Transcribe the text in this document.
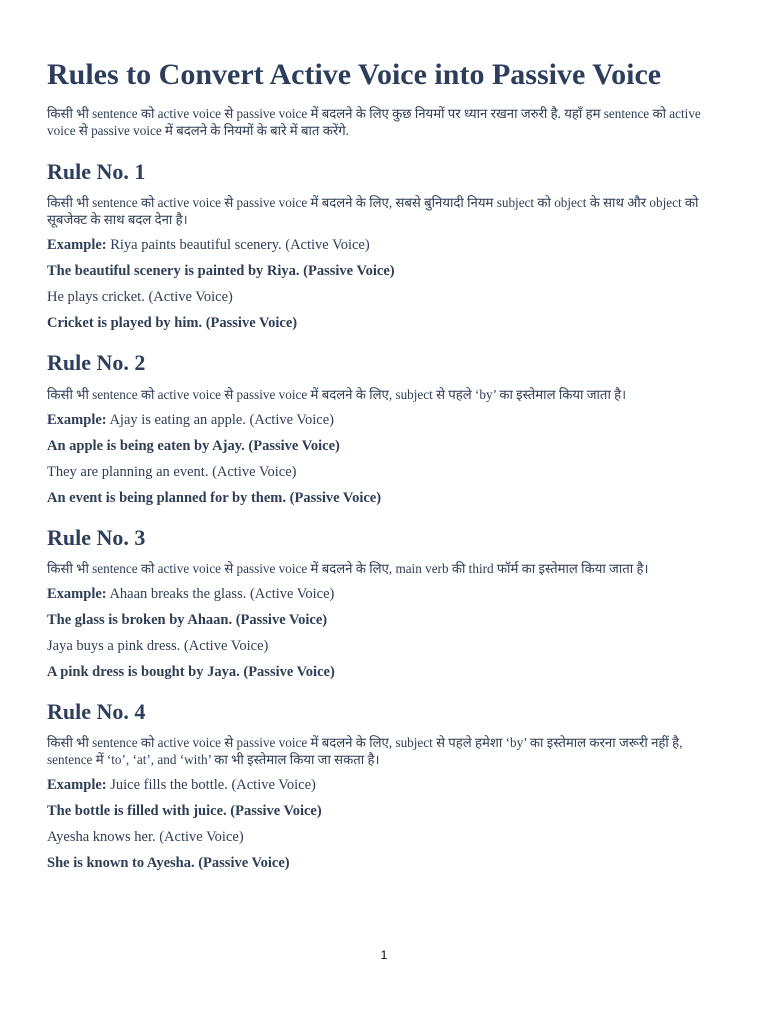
Rules to Convert Active Voice into Passive Voice

किसी भी sentence को active voice से passive voice में बदलने के लिए कुछ नियमों पर ध्यान रखना जरुरी है. यहाँ हम sentence को active voice से passive voice में बदलने के नियमों के बारे में बात करेंगे.

Rule No. 1

किसी भी sentence को active voice से passive voice में बदलने के लिए, सबसे बुनियादी नियम subject को object के साथ और object को सूबजेक्ट के साथ बदल देना है।

Example: Riya paints beautiful scenery. (Active Voice)

The beautiful scenery is painted by Riya. (Passive Voice)

He plays cricket. (Active Voice)

Cricket is played by him. (Passive Voice)

Rule No. 2

किसी भी sentence को active voice से passive voice में बदलने के लिए, subject से पहले ‘by’ का इस्तेमाल किया जाता है।

Example: Ajay is eating an apple. (Active Voice)

An apple is being eaten by Ajay. (Passive Voice)

They are planning an event. (Active Voice)

An event is being planned for by them. (Passive Voice)

Rule No. 3

किसी भी sentence को active voice से passive voice में बदलने के लिए, main verb की third फॉर्म का इस्तेमाल किया जाता है।

Example: Ahaan breaks the glass. (Active Voice)

The glass is broken by Ahaan. (Passive Voice)

Jaya buys a pink dress. (Active Voice)

A pink dress is bought by Jaya. (Passive Voice)

Rule No. 4

किसी भी sentence को active voice से passive voice में बदलने के लिए, subject से पहले हमेशा ‘by’ का इस्तेमाल करना जरूरी नहीं है, sentence में ‘to’, ‘at’, and ‘with’ का भी इस्तेमाल किया जा सकता है।

Example: Juice fills the bottle. (Active Voice)

The bottle is filled with juice. (Passive Voice)

Ayesha knows her. (Active Voice)

She is known to Ayesha. (Passive Voice)

1
